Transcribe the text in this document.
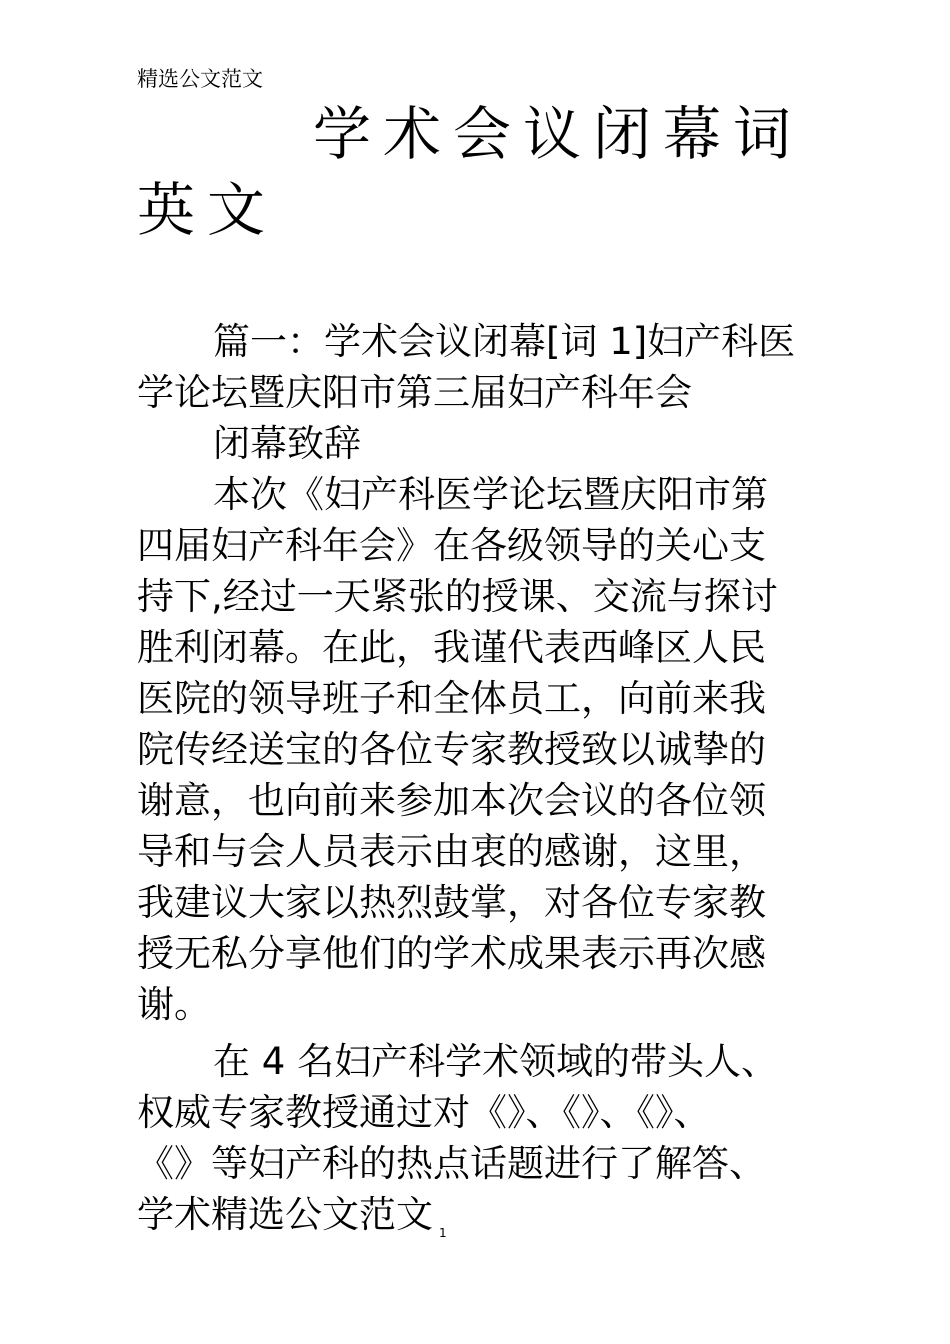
精选公文范文
学术会议闭幕词英文

篇一：学术会议闭幕[词 1]妇产科医

学论坛暨庆阳市第三届妇产科年会

闭幕致辞

本次《妇产科医学论坛暨庆阳市第
四届妇产科年会》在各级领导的关心支
持下,经过一天紧张的授课、交流与探讨
胜利闭幕。在此，我谨代表西峰区人民
医院的领导班子和全体员工，向前来我
院传经送宝的各位专家教授致以诚挚的
谢意，也向前来参加本次会议的各位领
导和与会人员表示由衷的感谢，这里，
我建议大家以热烈鼓掌，对各位专家教
授无私分享他们的学术成果表示再次感
谢。
在 4 名妇产科学术领域的带头人、
权威专家教授通过对《》、《》、《》、
《》等妇产科的热点话题进行了解答、
学术精选公文范文 $_1$
